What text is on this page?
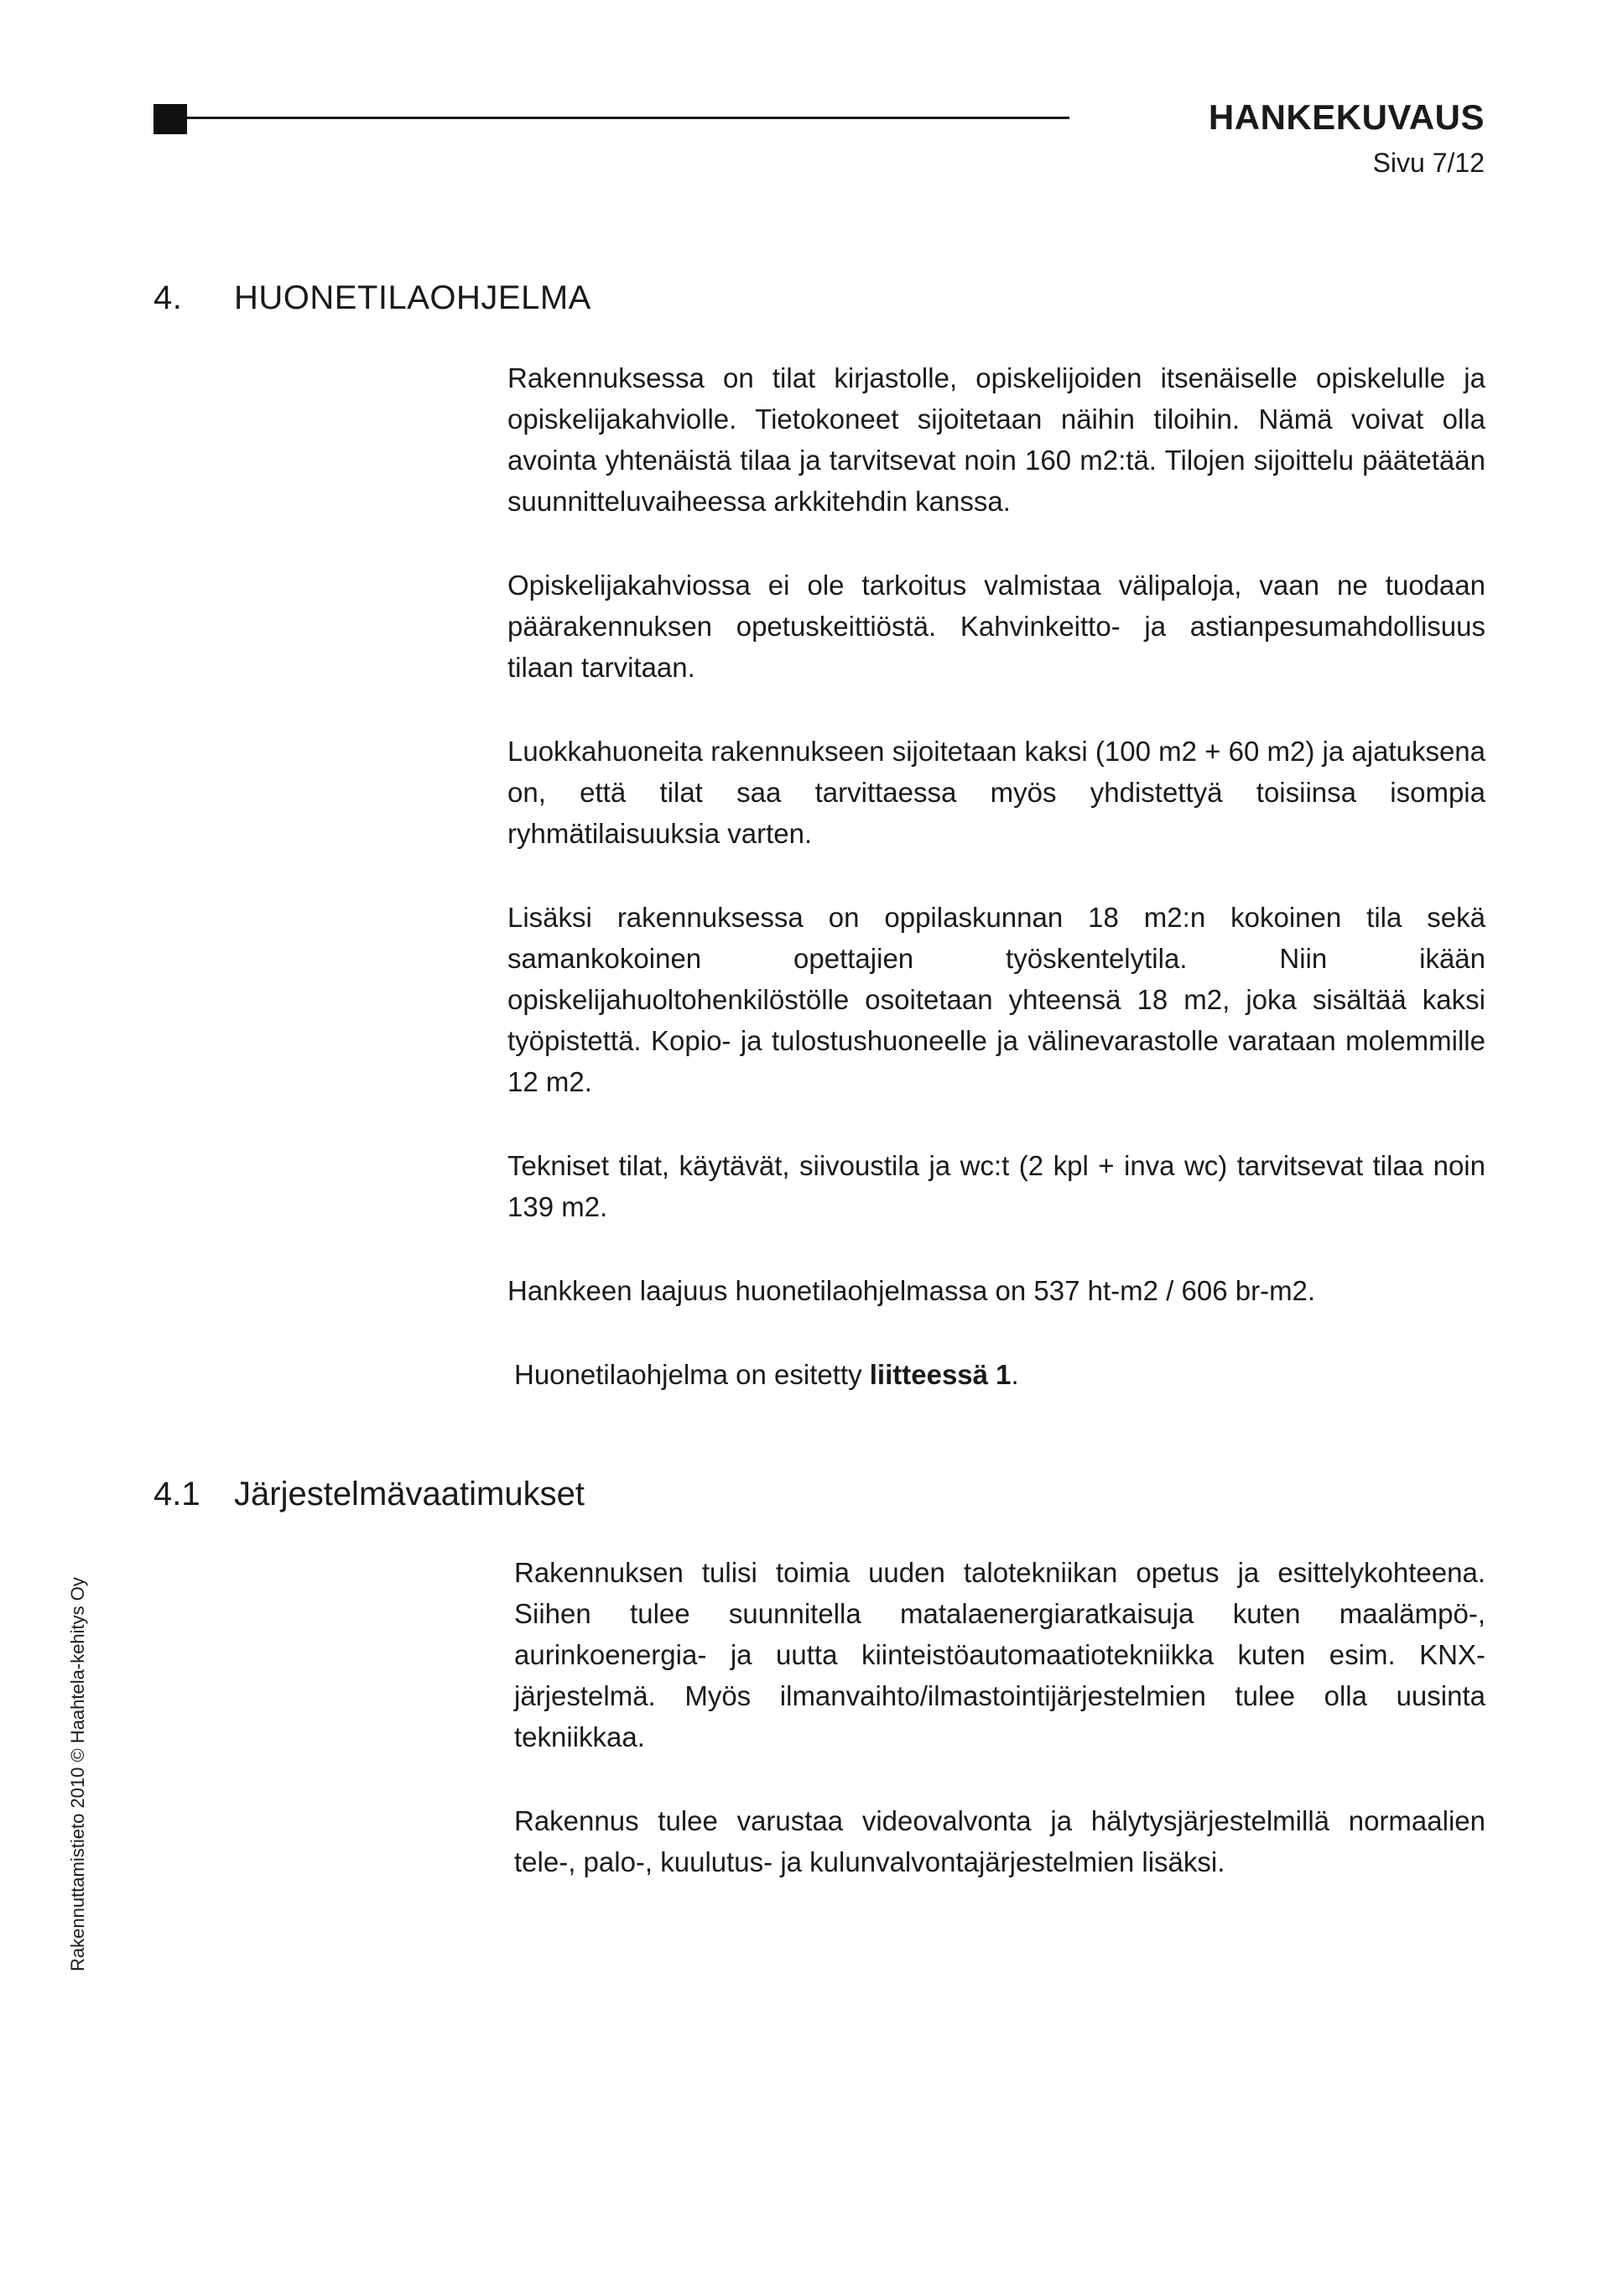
HANKEKUVAUS
Sivu 7/12
4. HUONETILAOHJELMA

Rakennuksessa on tilat kirjastolle, opiskelijoiden itsenäiselle opiskelulle ja opiskelijakahviolle. Tietokoneet sijoitetaan näihin tiloihin. Nämä voivat olla avointa yhtenäistä tilaa ja tarvitsevat noin 160 m2:tä. Tilojen sijoittelu päätetään suunnitteluvaiheessa arkkitehdin kanssa.

Opiskelijakahviossa ei ole tarkoitus valmistaa välipaloja, vaan ne tuodaan päärakennuksen opetuskeittiöstä. Kahvinkeitto- ja astianpesumahdollisuus tilaan tarvitaan.

Luokkahuoneita rakennukseen sijoitetaan kaksi (100 m2 + 60 m2) ja ajatuksena on, että tilat saa tarvittaessa myös yhdistettyä toisiinsa isompia ryhmätilaisuuksia varten.

Lisäksi rakennuksessa on oppilaskunnan 18 m2:n kokoinen tila sekä samankokoinen opettajien työskentelytila. Niin ikään opiskelijahuoltohenkilöstölle osoitetaan yhteensä 18 m2, joka sisältää kaksi työpistettä. Kopio- ja tulostushuoneelle ja välinevarastolle varataan molemmille 12 m2.

Tekniset tilat, käytävät, siivoustila ja wc:t (2 kpl + inva wc) tarvitsevat tilaa noin 139 m2.

Hankkeen laajuus huonetilaohjelmassa on 537 ht-m2 / 606 br-m2.

Huonetilaohjelma on esitetty liitteessä 1.

4.1 Järjestelmävaatimukset

Rakennuksen tulisi toimia uuden talotekniikan opetus ja esittelykohteena. Siihen tulee suunnitella matalaenergiaratkaisuja kuten maalämpö-, aurinkoenergia- ja uutta kiinteistöautomaatiotekniikka kuten esim. KNX-järjestelmä. Myös ilmanvaihto/ilmastointijärjestelmien tulee olla uusinta tekniikkaa.

Rakennus tulee varustaa videovalvonta ja hälytysjärjestelmillä normaalien tele-, palo-, kuulutus- ja kulunvalvontajärjestelmien lisäksi.

Rakennuttamistieto 2010 © Haahtela-kehitys Oy
